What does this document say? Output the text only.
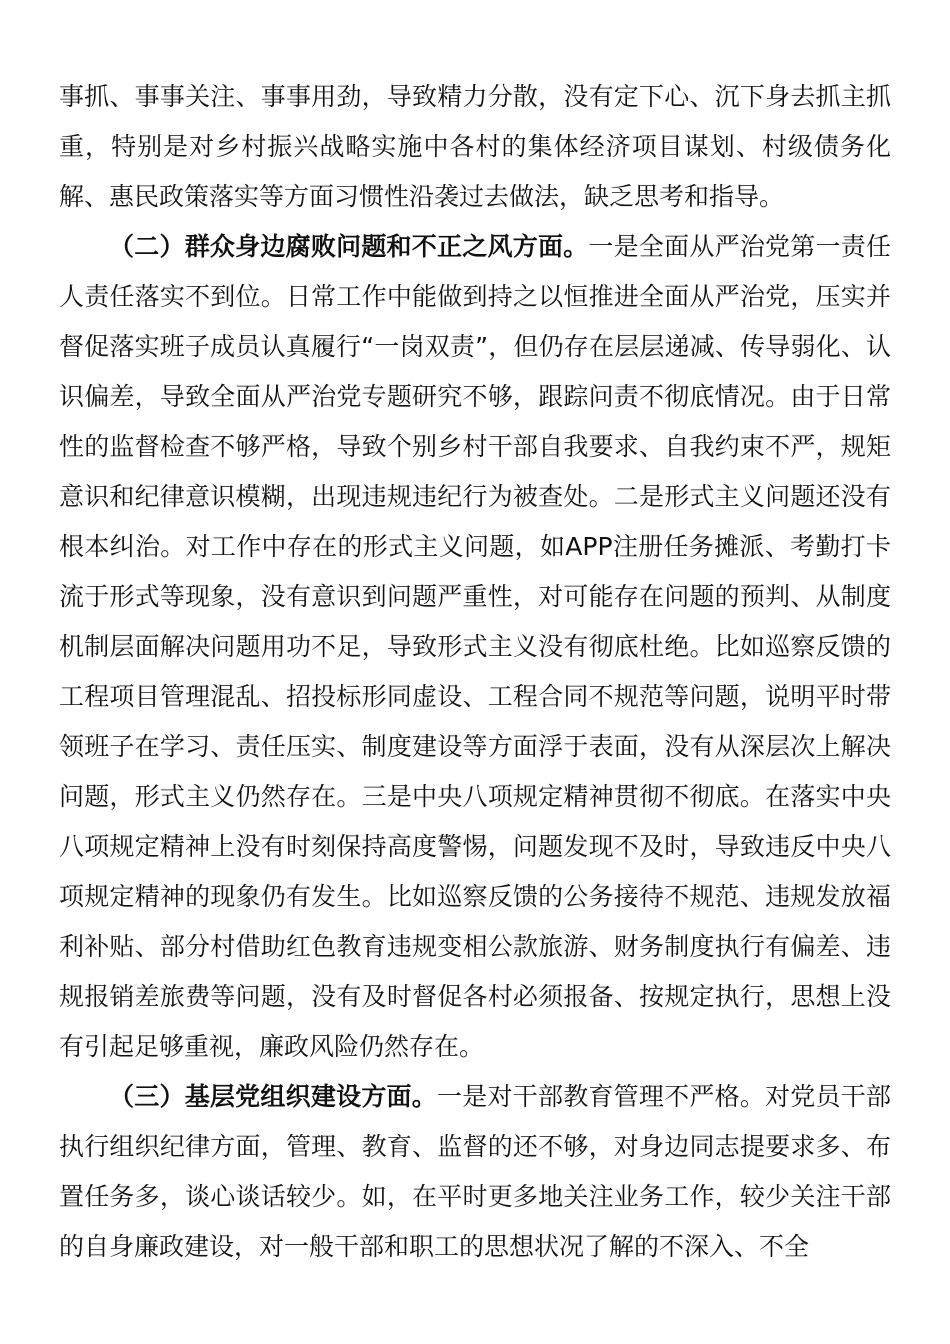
事抓、事事关注、事事用劲，导致精力分散，没有定下心、沉下身去抓主抓重，特别是对乡村振兴战略实施中各村的集体经济项目谋划、村级债务化解、惠民政策落实等方面习惯性沿袭过去做法，缺乏思考和指导。

（二）群众身边腐败问题和不正之风方面。一是全面从严治党第一责任人责任落实不到位。日常工作中能做到持之以恒推进全面从严治党，压实并督促落实班子成员认真履行“一岗双责”，但仍存在层层递减、传导弱化、认识偏差，导致全面从严治党专题研究不够，跟踪问责不彻底情况。由于日常性的监督检查不够严格，导致个别乡村干部自我要求、自我约束不严，规矩意识和纪律意识模糊，出现违规违纪行为被查处。二是形式主义问题还没有根本纠治。对工作中存在的形式主义问题，如APP注册任务摊派、考勤打卡流于形式等现象，没有意识到问题严重性，对可能存在问题的预判、从制度机制层面解决问题用功不足，导致形式主义没有彻底杜绝。比如巡察反馈的工程项目管理混乱、招投标形同虚设、工程合同不规范等问题，说明平时带领班子在学习、责任压实、制度建设等方面浮于表面，没有从深层次上解决问题，形式主义仍然存在。三是中央八项规定精神贯彻不彻底。在落实中央八项规定精神上没有时刻保持高度警惕，问题发现不及时，导致违反中央八项规定精神的现象仍有发生。比如巡察反馈的公务接待不规范、违规发放福利补贴、部分村借助红色教育违规变相公款旅游、财务制度执行有偏差、违规报销差旅费等问题，没有及时督促各村必须报备、按规定执行，思想上没有引起足够重视，廉政风险仍然存在。

（三）基层党组织建设方面。一是对干部教育管理不严格。对党员干部执行组织纪律方面，管理、教育、监督的还不够，对身边同志提要求多、布置任务多，谈心谈话较少。如，在平时更多地关注业务工作，较少关注干部的自身廉政建设，对一般干部和职工的思想状况了解的不深入、不全
